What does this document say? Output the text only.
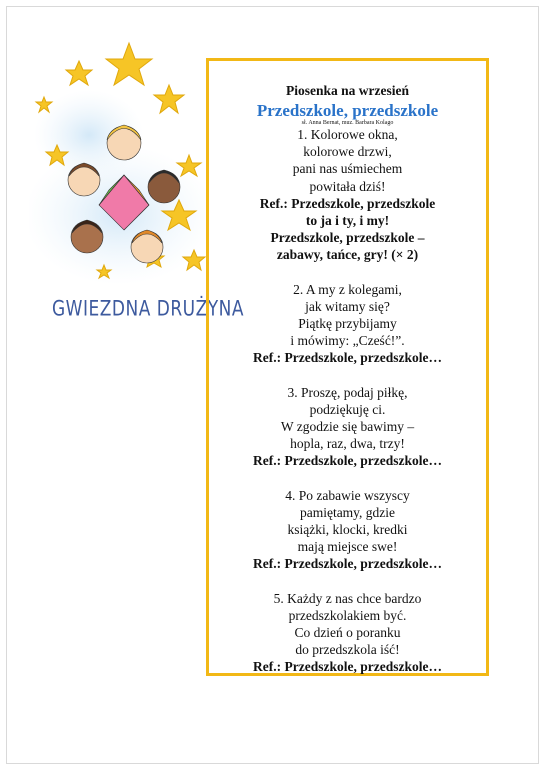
GWIEZDNA DRUŻYNA
Piosenka na wrzesień
Przedszkole, przedszkole
sł. Anna Bernat, muz. Barbara Kolago
1. Kolorowe okna,
kolorowe drzwi,
pani nas uśmiechem
powitała dziś!
Ref.: Przedszkole, przedszkole
to ja i ty, i my!
Przedszkole, przedszkole –
zabawy, tańce, gry! (× 2)
2. A my z kolegami,
jak witamy się?
Piątkę przybijamy
i mówimy: „Cześć!”.
Ref.: Przedszkole, przedszkole…
3. Proszę, podaj piłkę,
podziękuję ci.
W zgodzie się bawimy –
hopla, raz, dwa, trzy!
Ref.: Przedszkole, przedszkole…
4. Po zabawie wszyscy
pamiętamy, gdzie
książki, klocki, kredki
mają miejsce swe!
Ref.: Przedszkole, przedszkole…
5. Każdy z nas chce bardzo
przedszkolakiem być.
Co dzień o poranku
do przedszkola iść!
Ref.: Przedszkole, przedszkole…
